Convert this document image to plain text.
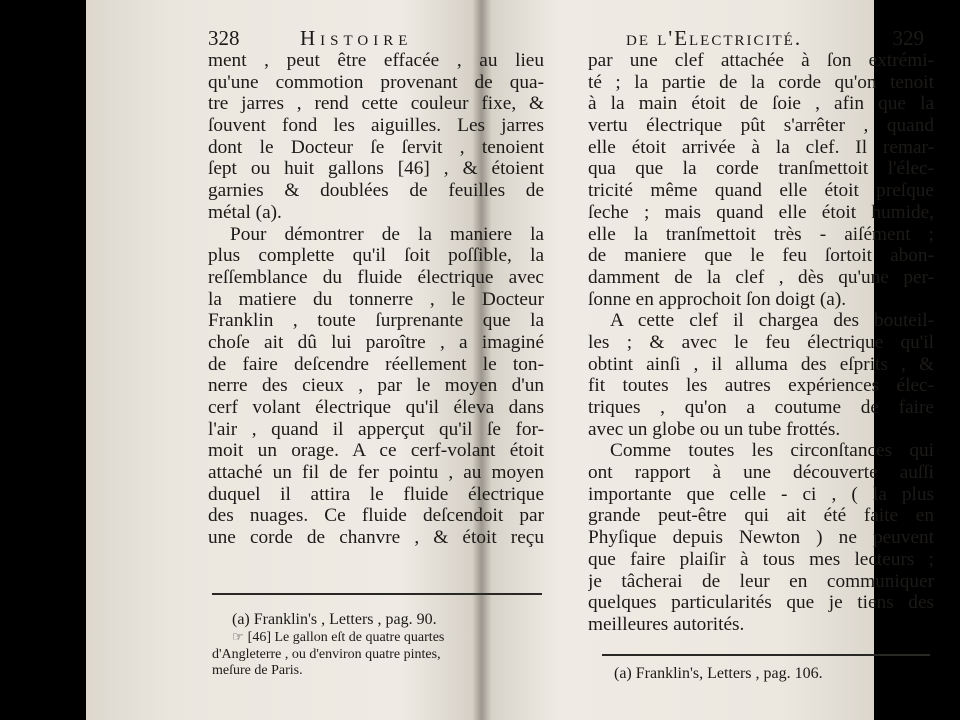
328	Histoire
ment , peut être effacée , au lieu
qu'une commotion provenant de qua-
tre jarres , rend cette couleur fixe, &
ſouvent fond les aiguilles. Les jarres
dont le Docteur ſe ſervit , tenoient
ſept ou huit gallons [46] , & étoient
garnies & doublées de feuilles de
métal (a).
Pour démontrer de la maniere la
plus complette qu'il ſoit poſſible, la
reſſemblance du fluide électrique avec
la matiere du tonnerre , le Docteur
Franklin , toute ſurprenante que la
choſe ait dû lui paroître , a imaginé
de faire deſcendre réellement le ton-
nerre des cieux , par le moyen d'un
cerf volant électrique qu'il éleva dans
l'air , quand il apperçut qu'il ſe for-
moit un orage. A ce cerf-volant étoit
attaché un fil de fer pointu , au moyen
duquel il attira le fluide électrique
des nuages. Ce fluide deſcendoit par
une corde de chanvre , & étoit reçu
(a) Franklin's , Letters , pag. 90.
☞ [46] Le gallon eſt de quatre quartes
d'Angleterre , ou d'environ quatre pintes,
meſure de Paris.
de l'Electricité.	329
par une clef attachée à ſon extrémi-
té ; la partie de la corde qu'on tenoit
à la main étoit de ſoie , afin que la
vertu électrique pût s'arrêter , quand
elle étoit arrivée à la clef. Il remar-
qua que la corde tranſmettoit l'élec-
tricité même quand elle étoit preſque
ſeche ; mais quand elle étoit humide,
elle la tranſmettoit très - aiſément ;
de maniere que le feu ſortoit abon-
damment de la clef , dès qu'une per-
ſonne en approchoit ſon doigt (a).
A cette clef il chargea des bouteil-
les ; & avec le feu électrique qu'il
obtint ainſi , il alluma des eſprits , &
fit toutes les autres expériences élec-
triques , qu'on a coutume de faire
avec un globe ou un tube frottés.
Comme toutes les circonſtances qui
ont rapport à une découverte auſſi
importante que celle - ci , ( la plus
grande peut-être qui ait été faite en
Phyſique depuis Newton ) ne peuvent
que faire plaiſir à tous mes lecteurs ;
je tâcherai de leur en communiquer
quelques particularités que je tiens des
meilleures autorités.
(a) Franklin's, Letters , pag. 106.
